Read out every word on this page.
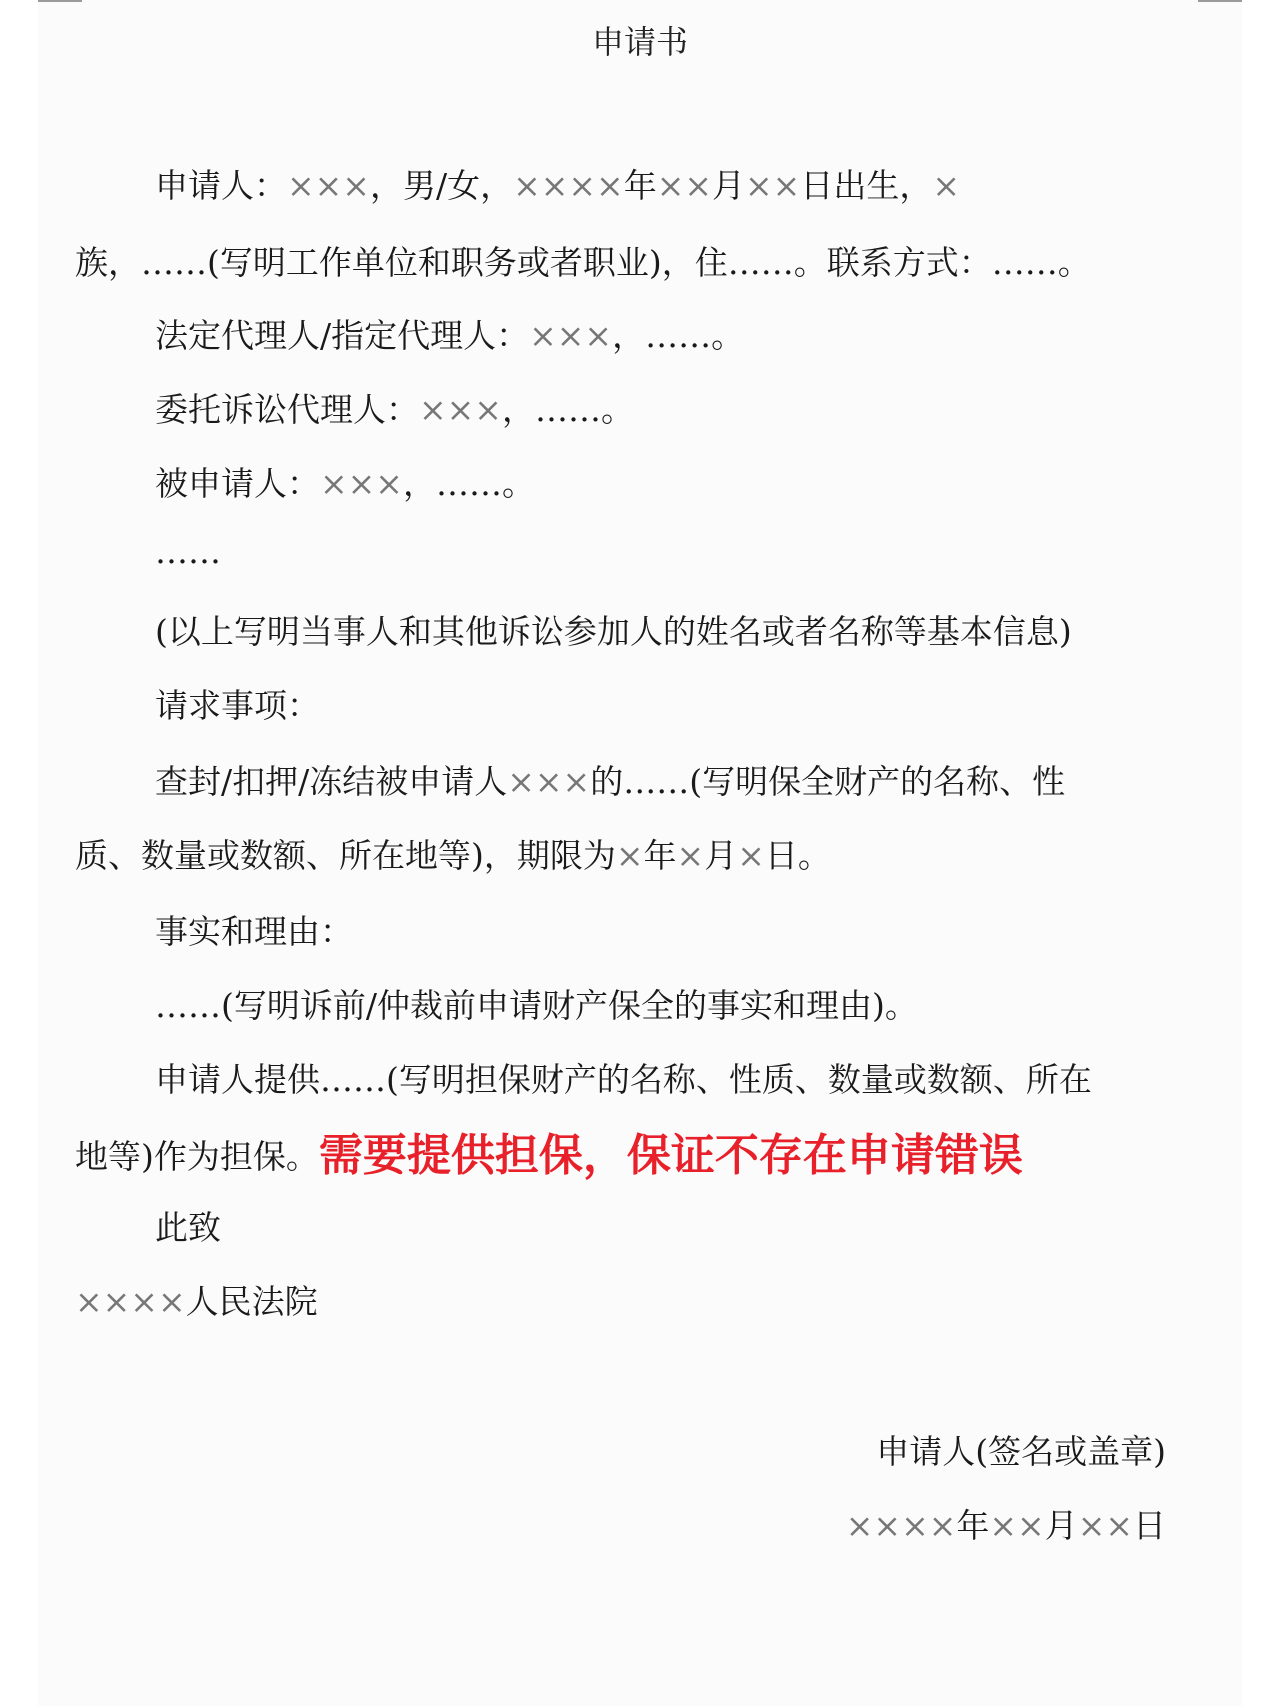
申请书
申请人：×××，男/女，××××年××月××日出生，×
族，……(写明工作单位和职务或者职业)，住……。联系方式：……。
法定代理人/指定代理人：×××，……。
委托诉讼代理人：×××，……。
被申请人：×××，……。
……
(以上写明当事人和其他诉讼参加人的姓名或者名称等基本信息)
请求事项：
查封/扣押/冻结被申请人×××的……(写明保全财产的名称、性
质、数量或数额、所在地等)，期限为×年×月×日。
事实和理由：
……(写明诉前/仲裁前申请财产保全的事实和理由)。
申请人提供……(写明担保财产的名称、性质、数量或数额、所在
地等)作为担保。需要提供担保，保证不存在申请错误
此致
××××人民法院
申请人(签名或盖章)
××××年××月××日
